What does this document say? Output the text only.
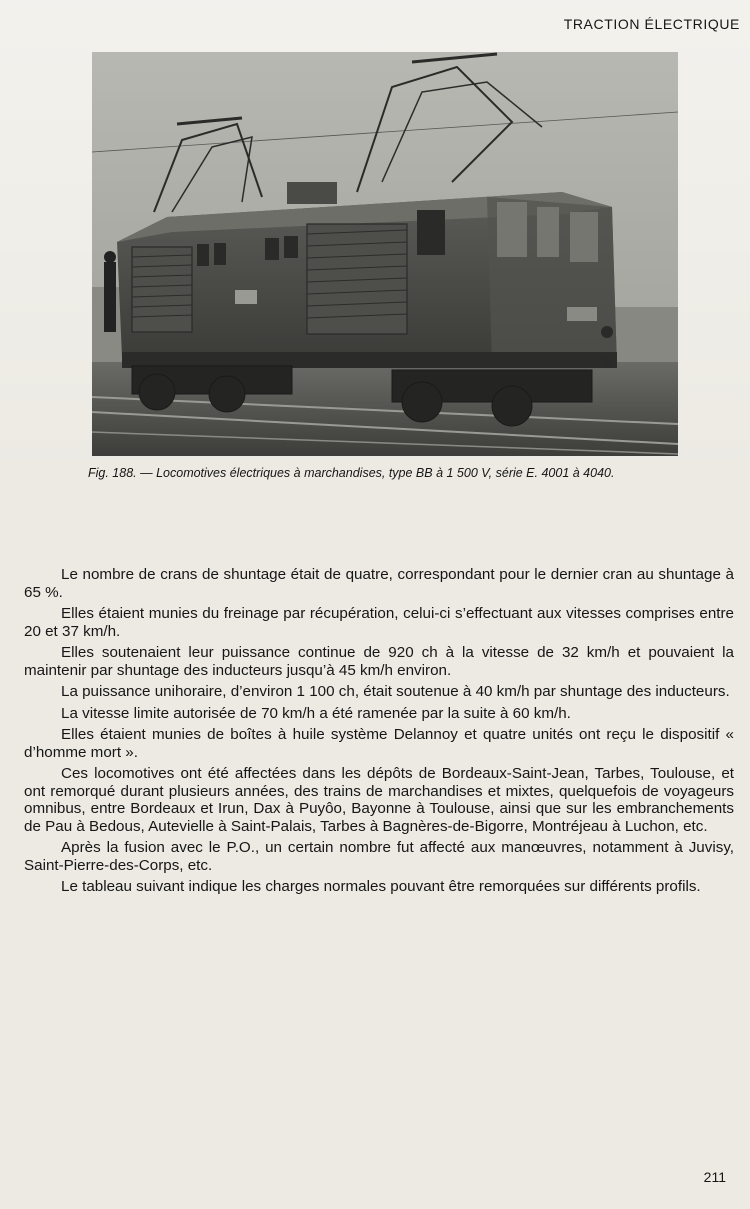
TRACTION ÉLECTRIQUE
Fig. 188. — Locomotives électriques à marchandises, type BB à 1 500 V, série E. 4001 à 4040.

Le nombre de crans de shuntage était de quatre, correspondant pour le dernier cran au shuntage à 65 %.

Elles étaient munies du freinage par récupération, celui-ci s’effectuant aux vitesses comprises entre 20 et 37 km/h.

Elles soutenaient leur puissance continue de 920 ch à la vitesse de 32 km/h et pouvaient la maintenir par shuntage des inducteurs jusqu’à 45 km/h environ.

La puissance unihoraire, d’environ 1 100 ch, était soutenue à 40 km/h par shuntage des inducteurs.

La vitesse limite autorisée de 70 km/h a été ramenée par la suite à 60 km/h.

Elles étaient munies de boîtes à huile système Delannoy et quatre unités ont reçu le dispositif « d’homme mort ».

Ces locomotives ont été affectées dans les dépôts de Bordeaux-Saint-Jean, Tarbes, Toulouse, et ont remorqué durant plusieurs années, des trains de marchandises et mixtes, quelquefois de voyageurs omnibus, entre Bordeaux et Irun, Dax à Puyôo, Bayonne à Toulouse, ainsi que sur les embranchements de Pau à Bedous, Autevielle à Saint-Palais, Tarbes à Bagnères-de-Bigorre, Montréjeau à Luchon, etc.

Après la fusion avec le P.O., un certain nombre fut affecté aux manœuvres, notamment à Juvisy, Saint-Pierre-des-Corps, etc.

Le tableau suivant indique les charges normales pouvant être remorquées sur différents profils.

211
